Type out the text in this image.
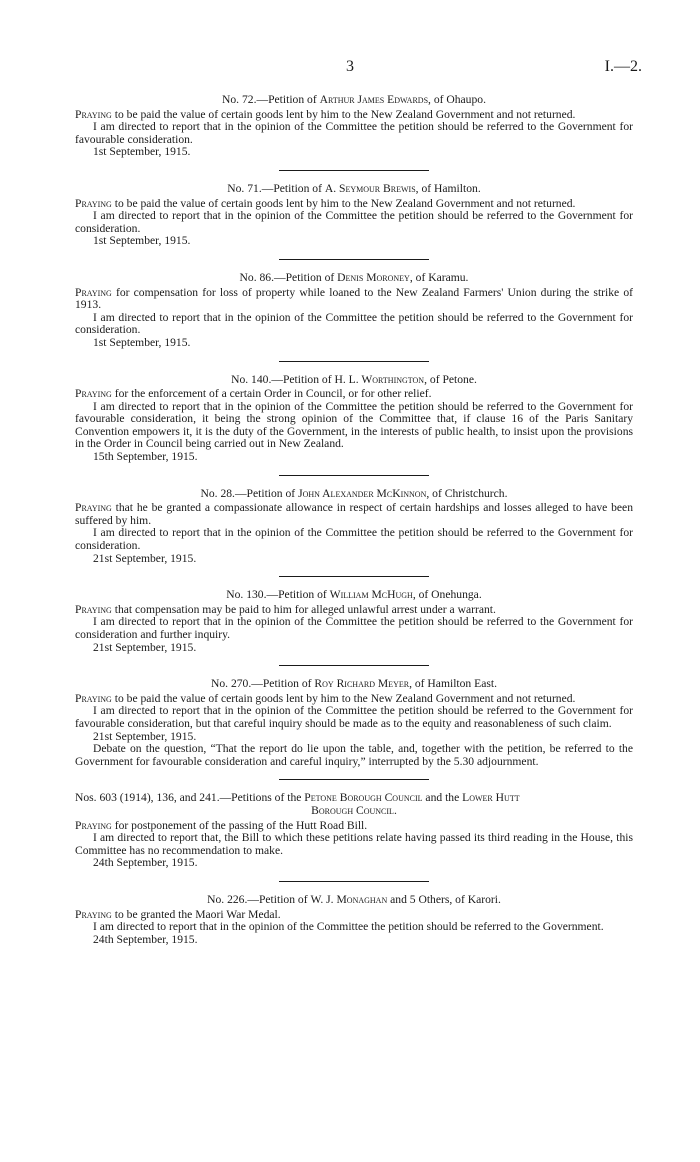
3	I.—2.

No. 72.—Petition of Arthur James Edwards, of Ohaupo.

Praying to be paid the value of certain goods lent by him to the New Zealand Government and not returned.

I am directed to report that in the opinion of the Committee the petition should be referred to the Government for favourable consideration.

1st September, 1915.

No. 71.—Petition of A. Seymour Brewis, of Hamilton.

Praying to be paid the value of certain goods lent by him to the New Zealand Government and not returned.

I am directed to report that in the opinion of the Committee the petition should be referred to the Government for consideration.

1st September, 1915.

No. 86.—Petition of Denis Moroney, of Karamu.

Praying for compensation for loss of property while loaned to the New Zealand Farmers' Union during the strike of 1913.

I am directed to report that in the opinion of the Committee the petition should be referred to the Government for consideration.

1st September, 1915.

No. 140.—Petition of H. L. Worthington, of Petone.

Praying for the enforcement of a certain Order in Council, or for other relief.

I am directed to report that in the opinion of the Committee the petition should be referred to the Government for favourable consideration, it being the strong opinion of the Committee that, if clause 16 of the Paris Sanitary Convention empowers it, it is the duty of the Government, in the interests of public health, to insist upon the provisions in the Order in Council being carried out in New Zealand.

15th September, 1915.

No. 28.—Petition of John Alexander McKinnon, of Christchurch.

Praying that he be granted a compassionate allowance in respect of certain hardships and losses alleged to have been suffered by him.

I am directed to report that in the opinion of the Committee the petition should be referred to the Government for consideration.

21st September, 1915.

No. 130.—Petition of William McHugh, of Onehunga.

Praying that compensation may be paid to him for alleged unlawful arrest under a warrant.

I am directed to report that in the opinion of the Committee the petition should be referred to the Government for consideration and further inquiry.

21st September, 1915.

No. 270.—Petition of Roy Richard Meyer, of Hamilton East.

Praying to be paid the value of certain goods lent by him to the New Zealand Government and not returned.

I am directed to report that in the opinion of the Committee the petition should be referred to the Government for favourable consideration, but that careful inquiry should be made as to the equity and reasonableness of such claim.

21st September, 1915.

Debate on the question, “That the report do lie upon the table, and, together with the petition, be referred to the Government for favourable consideration and careful inquiry,” interrupted by the 5.30 adjournment.

Nos. 603 (1914), 136, and 241.—Petitions of the Petone Borough Council and the Lower Hutt

Borough Council.

Praying for postponement of the passing of the Hutt Road Bill.

I am directed to report that, the Bill to which these petitions relate having passed its third reading in the House, this Committee has no recommendation to make.

24th September, 1915.

No. 226.—Petition of W. J. Monaghan and 5 Others, of Karori.

Praying to be granted the Maori War Medal.

I am directed to report that in the opinion of the Committee the petition should be referred to the Government.

24th September, 1915.
